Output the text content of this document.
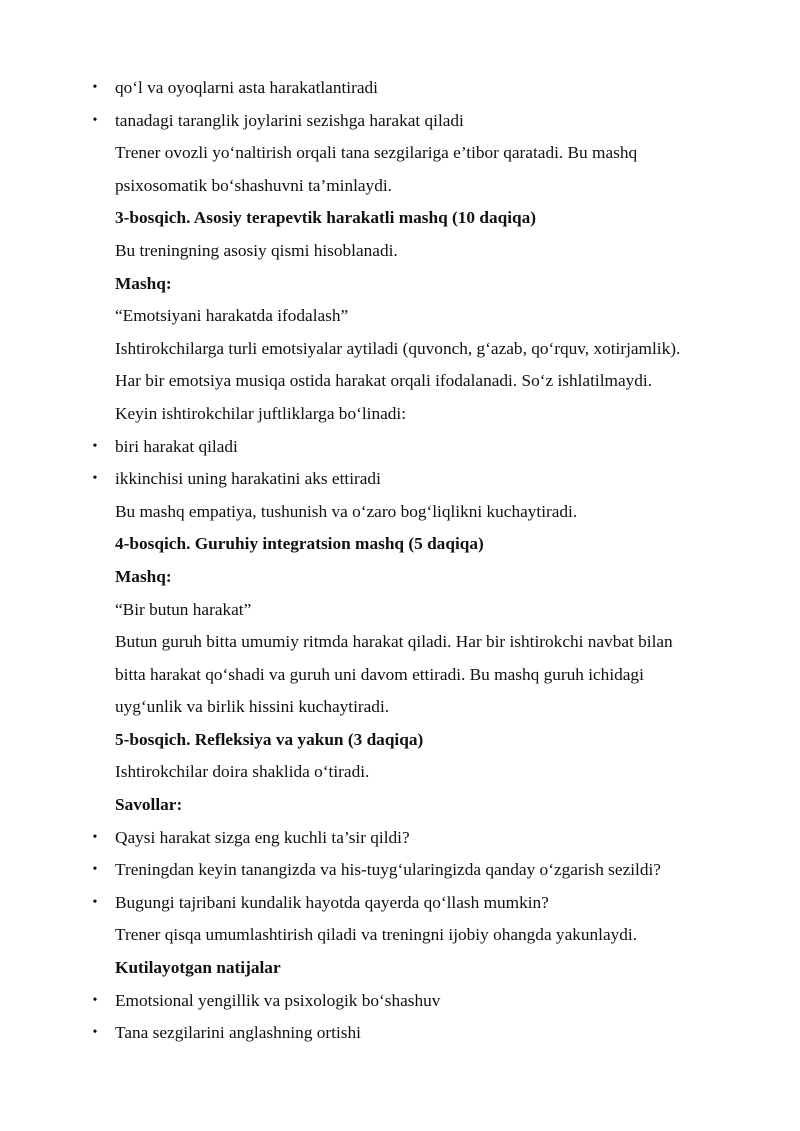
• qo‘l va oyoqlarni asta harakatlantiradi
• tanadagi taranglik joylarini sezishga harakat qiladi
Trener ovozli yo‘naltirish orqali tana sezgilariga e’tibor qaratadi. Bu mashq
psixosomatik bo‘shashuvni ta’minlaydi.
3-bosqich. Asosiy terapevtik harakatli mashq (10 daqiqa)
Bu treningning asosiy qismi hisoblanadi.
Mashq:
“Emotsiyani harakatda ifodalash”
Ishtirokchilarga turli emotsiyalar aytiladi (quvonch, g‘azab, qo‘rquv, xotirjamlik).
Har bir emotsiya musiqa ostida harakat orqali ifodalanadi. So‘z ishlatilmaydi.
Keyin ishtirokchilar juftliklarga bo‘linadi:
• biri harakat qiladi
• ikkinchisi uning harakatini aks ettiradi
Bu mashq empatiya, tushunish va o‘zaro bog‘liqlikni kuchaytiradi.
4-bosqich. Guruhiy integratsion mashq (5 daqiqa)
Mashq:
“Bir butun harakat”
Butun guruh bitta umumiy ritmda harakat qiladi. Har bir ishtirokchi navbat bilan
bitta harakat qo‘shadi va guruh uni davom ettiradi. Bu mashq guruh ichidagi
uyg‘unlik va birlik hissini kuchaytiradi.
5-bosqich. Refleksiya va yakun (3 daqiqa)
Ishtirokchilar doira shaklida o‘tiradi.
Savollar:
• Qaysi harakat sizga eng kuchli ta’sir qildi?
• Treningdan keyin tanangizda va his-tuyg‘ularingizda qanday o‘zgarish sezildi?
• Bugungi tajribani kundalik hayotda qayerda qo‘llash mumkin?
Trener qisqa umumlashtirish qiladi va treningni ijobiy ohangda yakunlaydi.
Kutilayotgan natijalar
• Emotsional yengillik va psixologik bo‘shashuv
• Tana sezgilarini anglashning ortishi
